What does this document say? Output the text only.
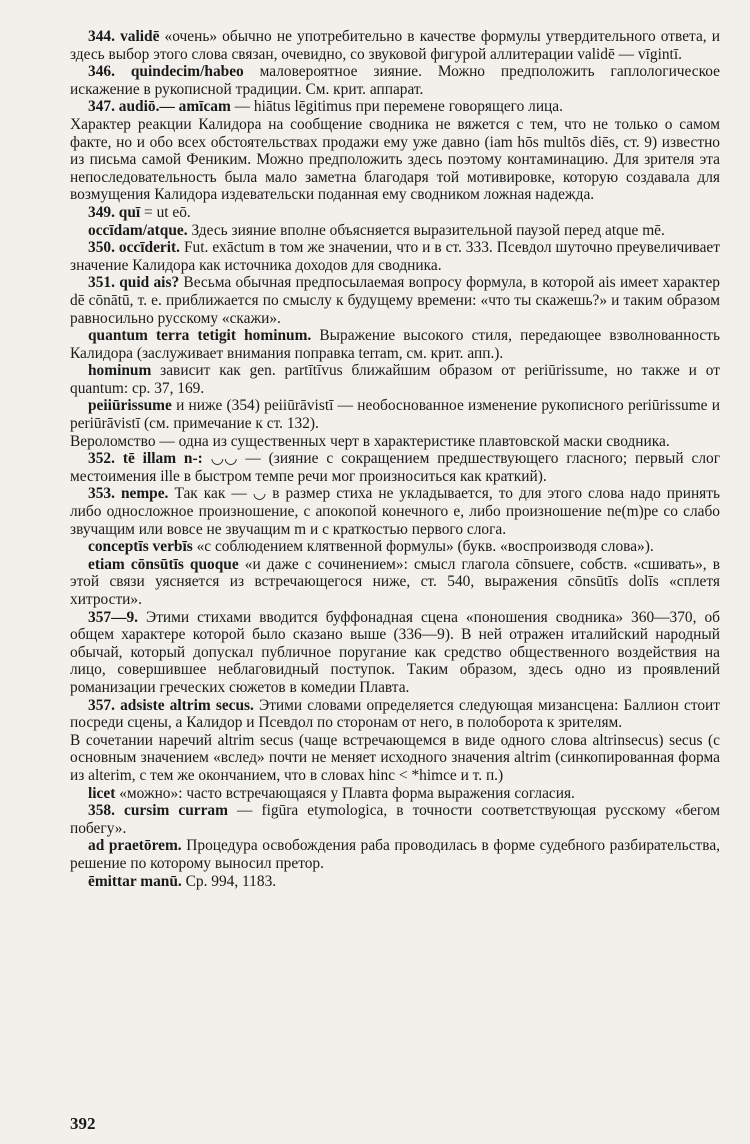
344. validē «очень» обычно не употребительно в качестве формулы утвердительного ответа, и здесь выбор этого слова связан, очевидно, со звуковой фигурой аллитерации validē — vīgintī.

346. quindecim/habeo маловероятное зияние. Можно предположить гаплологическое искажение в рукописной традиции. См. крит. аппарат.

347. audiō.— amīcam — hiātus lēgitimus при перемене говорящего лица.

Характер реакции Калидора на сообщение сводника не вяжется с тем, что не только о самом факте, но и обо всех обстоятельствах продажи ему уже давно (iam hōs multōs diēs, ст. 9) известно из письма самой Фениким. Можно предположить здесь поэтому контаминацию. Для зрителя эта непоследовательность была мало заметна благодаря той мотивировке, которую создавала для возмущения Калидора издевательски поданная ему сводником ложная надежда.

349. quī = ut eō.

occīdam/atque. Здесь зияние вполне объясняется выразительной паузой перед atque mē.

350. occīderit. Fut. exāctum в том же значении, что и в ст. 333. Псевдол шуточно преувеличивает значение Калидора как источника доходов для сводника.

351. quid ais? Весьма обычная предпосылаемая вопросу формула, в которой ais имеет характер dē cōnātū, т. е. приближается по смыслу к будущему времени: «что ты скажешь?» и таким образом равносильно русскому «скажи».

quantum terra tetigit hominum. Выражение высокого стиля, передающее взволнованность Калидора (заслуживает внимания поправка terram, см. крит. апп.).

hominum зависит как gen. partītīvus ближайшим образом от periūrissume, но также и от quantum: ср. 37, 169.

peiiūrissume и ниже (354) peiiūrāvistī — необоснованное изменение рукописного periūrissume и periūrāvistī (см. примечание к ст. 132).

Вероломство — одна из существенных черт в характеристике плавтовской маски сводника.

352. tē illam n-: ◡◡ — (зияние с сокращением предшествующего гласного; первый слог местоимения ille в быстром темпе речи мог произноситься как краткий).

353. nempe. Так как — ◡ в размер стиха не укладывается, то для этого слова надо принять либо односложное произношение, с апокопой конечного e, либо произношение ne(m)pe со слабо звучащим или вовсе не звучащим m и с краткостью первого слога.

conceptīs verbīs «с соблюдением клятвенной формулы» (букв. «воспроизводя слова»).

etiam cōnsūtīs quoque «и даже с сочинением»: смысл глагола cōnsuere, собств. «сшивать», в этой связи уясняется из встречающегося ниже, ст. 540, выражения cōnsūtīs dolīs «сплетя хитрости».

357—9. Этими стихами вводится буффонадная сцена «поношения сводника» 360—370, об общем характере которой было сказано выше (336—9). В ней отражен италийский народный обычай, который допускал публичное поругание как средство общественного воздействия на лицо, совершившее неблаговидный поступок. Таким образом, здесь одно из проявлений романизации греческих сюжетов в комедии Плавта.

357. adsiste altrim secus. Этими словами определяется следующая мизансцена: Баллион стоит посреди сцены, а Калидор и Псевдол по сторонам от него, в полоборота к зрителям.

В сочетании наречий altrim secus (чаще встречающемся в виде одного слова altrinsecus) secus (с основным значением «вслед» почти не меняет исходного значения altrim (синкопированная форма из alterim, с тем же окончанием, что в словах hinc < *himce и т. п.)

licet «можно»: часто встречающаяся у Плавта форма выражения согласия.

358. cursim curram — figūra etymologica, в точности соответствующая русскому «бегом побегу».

ad praetōrem. Процедура освобождения раба проводилась в форме судебного разбирательства, решение по которому выносил претор.

ēmittar manū. Ср. 994, 1183.

392
